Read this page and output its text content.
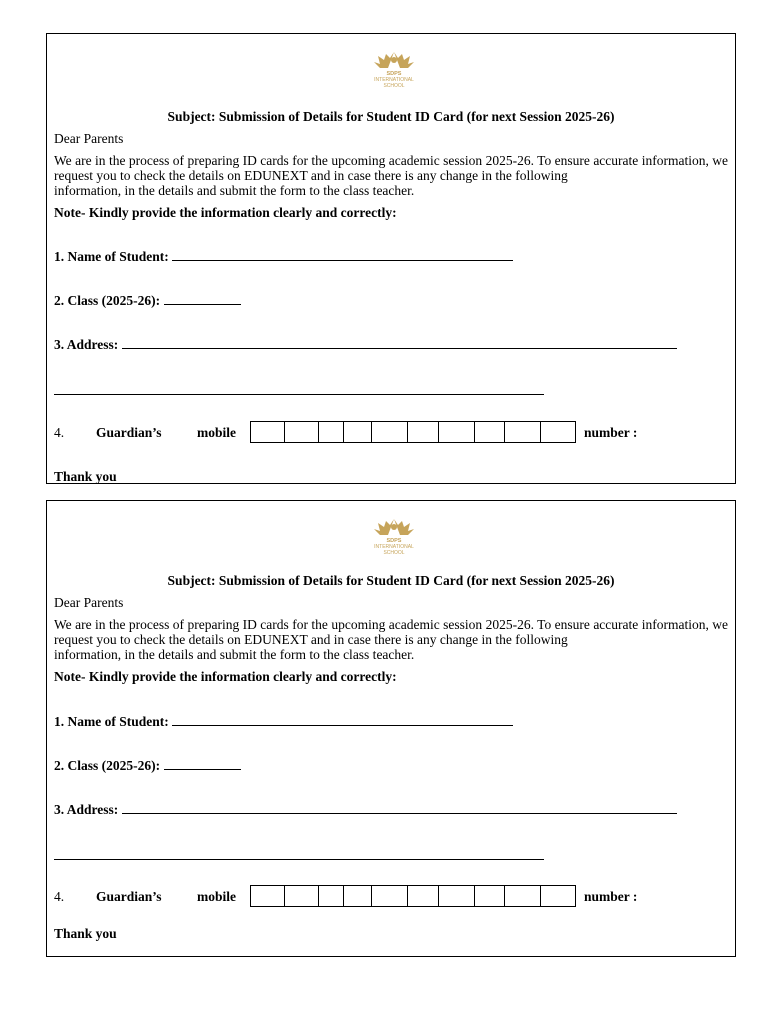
SDPS
INTERNATIONAL
SCHOOL
Subject: Submission of Details for Student ID Card (for next Session 2025-26)
Dear Parents
We are in the process of preparing ID cards for the upcoming academic session 2025-26. To ensure accurate information, we request you to check the details on EDUNEXT and in case there is any change in the following
information, in the details and submit the form to the class teacher.
Note- Kindly provide the information clearly and correctly:
1. Name of Student:
2. Class (2025-26):
3. Address:
4. Guardian’s	mobile	number :
Thank you
SDPS
INTERNATIONAL
SCHOOL
Subject: Submission of Details for Student ID Card (for next Session 2025-26)
Dear Parents
We are in the process of preparing ID cards for the upcoming academic session 2025-26. To ensure accurate information, we request you to check the details on EDUNEXT and in case there is any change in the following
information, in the details and submit the form to the class teacher.
Note- Kindly provide the information clearly and correctly:
1. Name of Student:
2. Class (2025-26):
3. Address:
4. Guardian’s	mobile	number :
Thank you
